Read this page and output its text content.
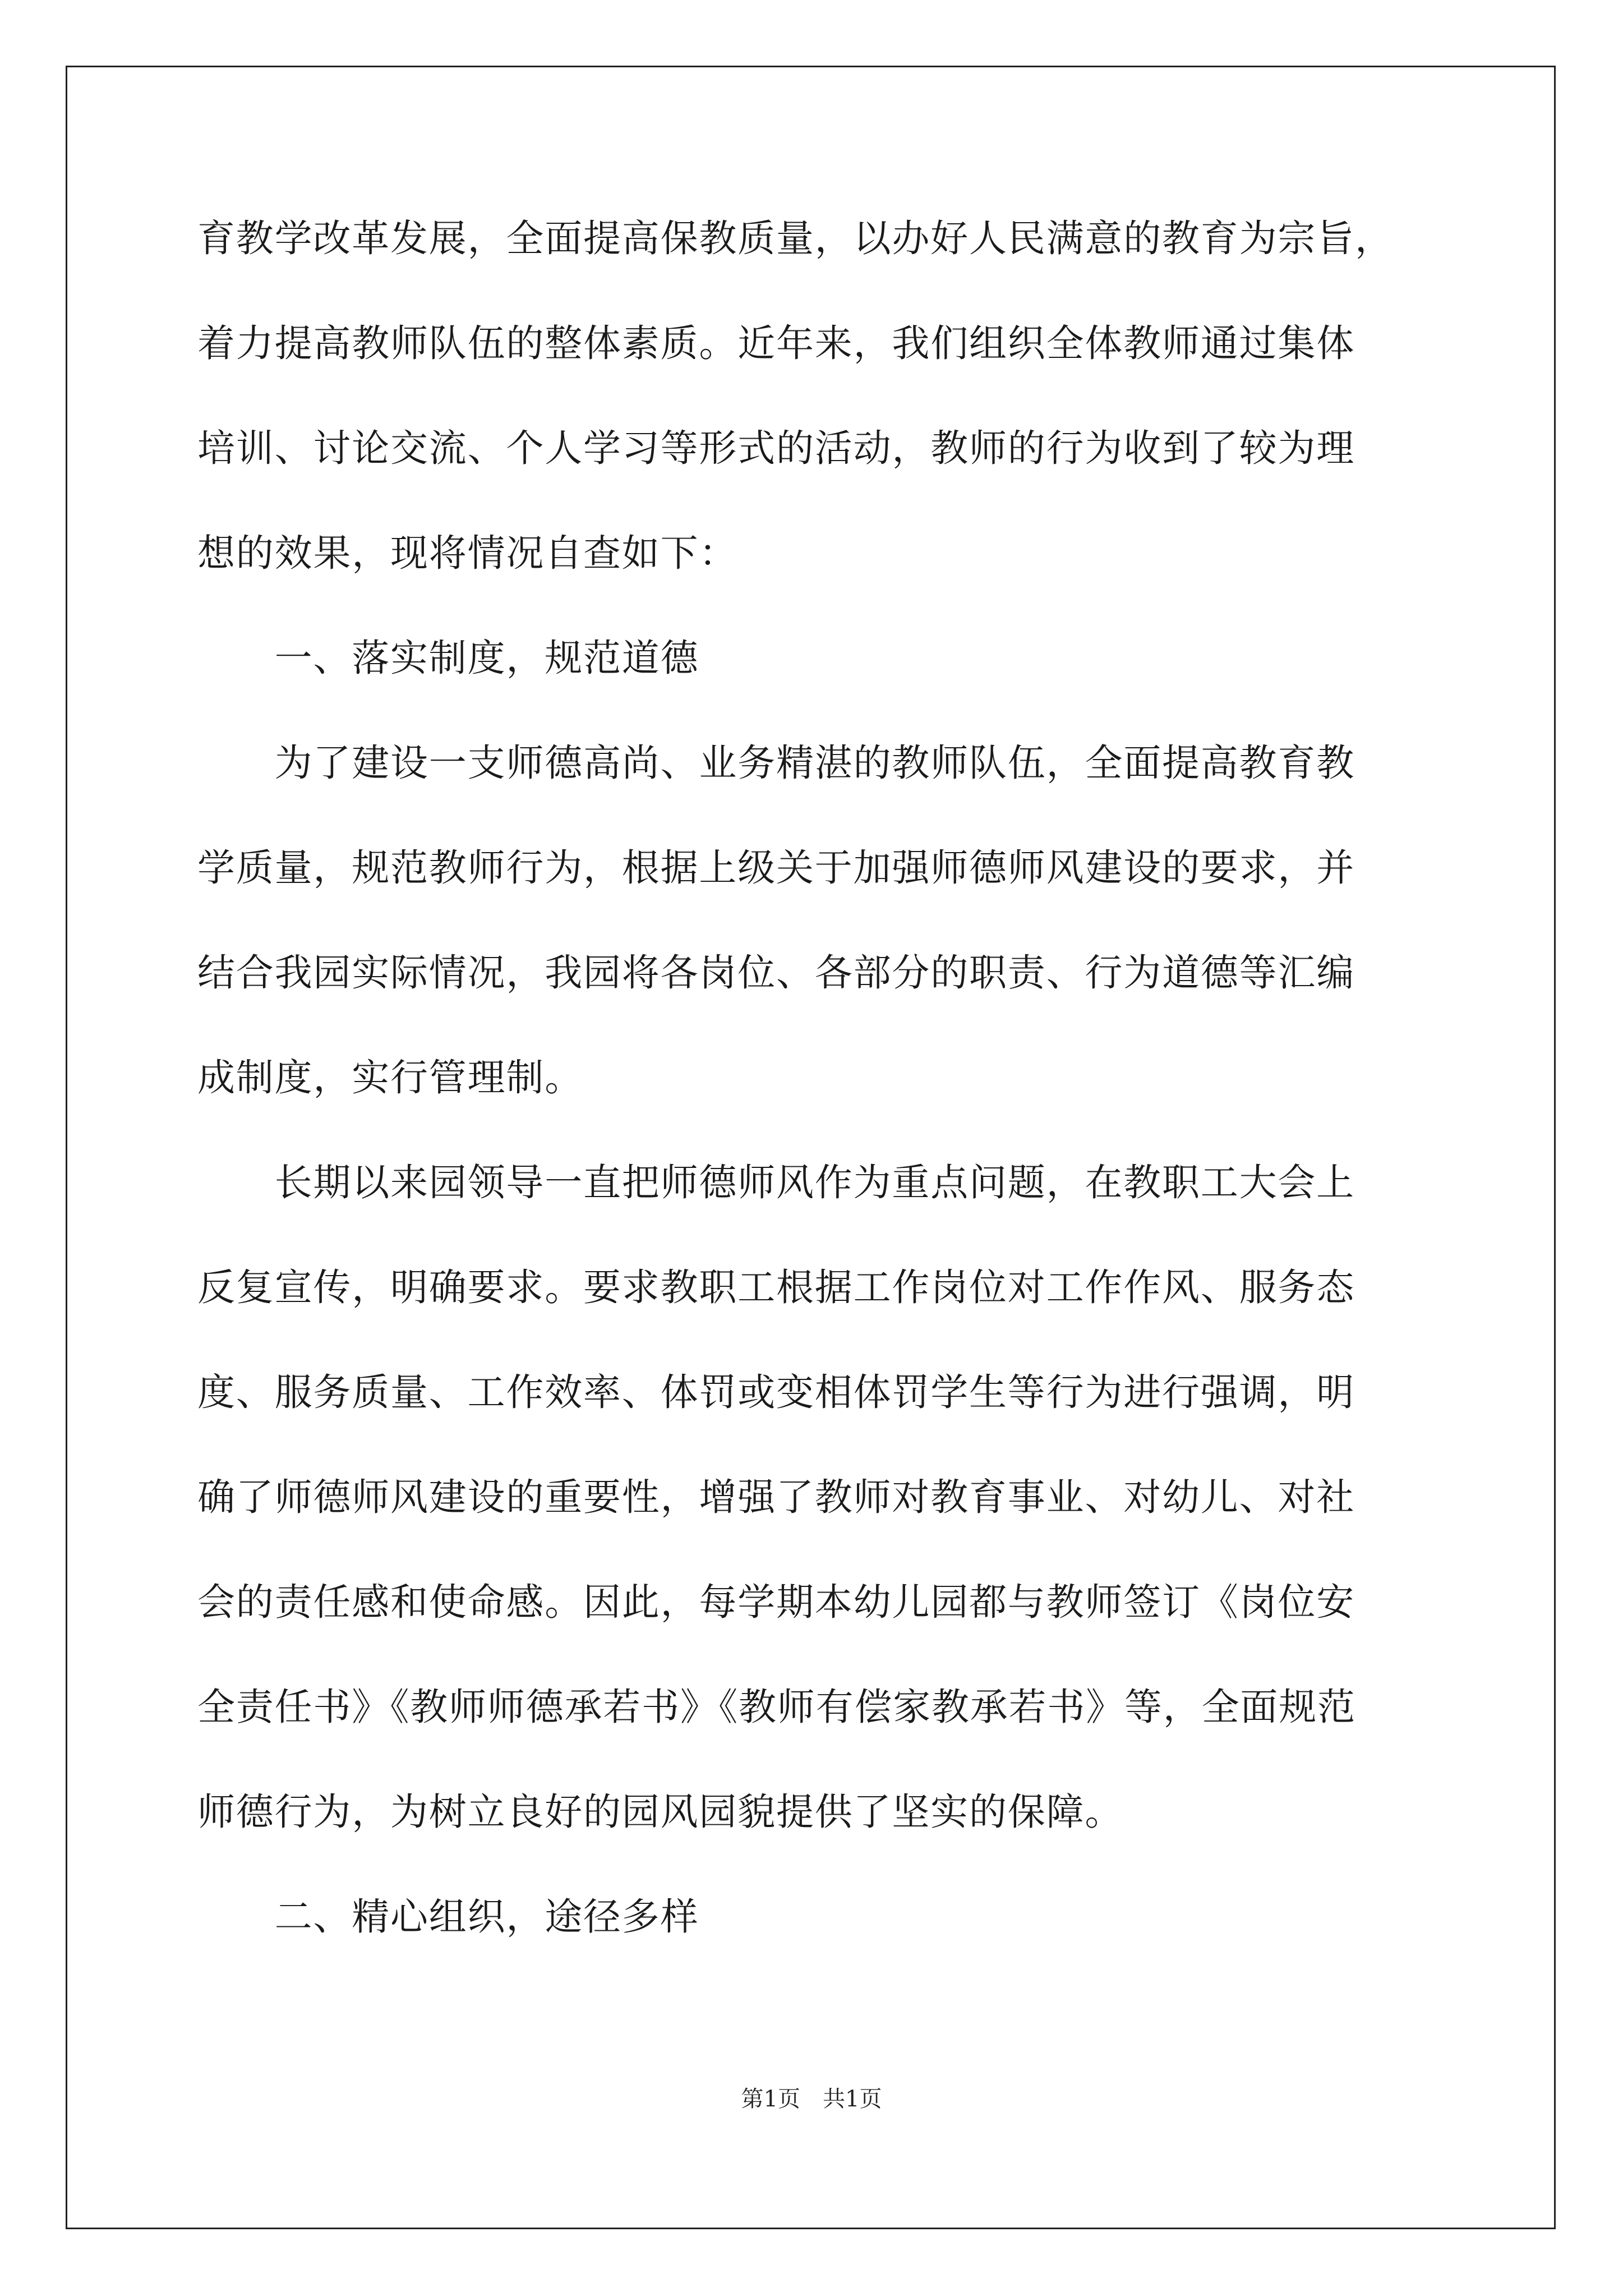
育教学改革发展，全面提高保教质量，以办好人民满意的教育为宗旨，
着力提高教师队伍的整体素质。近年来，我们组织全体教师通过集体
培训、讨论交流、个人学习等形式的活动，教师的行为收到了较为理
想的效果，现将情况自查如下：
　　一、落实制度，规范道德
　　为了建设一支师德高尚、业务精湛的教师队伍，全面提高教育教
学质量，规范教师行为，根据上级关于加强师德师风建设的要求，并
结合我园实际情况，我园将各岗位、各部分的职责、行为道德等汇编
成制度，实行管理制。
　　长期以来园领导一直把师德师风作为重点问题，在教职工大会上
反复宣传，明确要求。要求教职工根据工作岗位对工作作风、服务态
度、服务质量、工作效率、体罚或变相体罚学生等行为进行强调，明
确了师德师风建设的重要性，增强了教师对教育事业、对幼儿、对社
会的责任感和使命感。因此，每学期本幼儿园都与教师签订《岗位安
全责任书》《教师师德承若书》《教师有偿家教承若书》等，全面规范
师德行为，为树立良好的园风园貌提供了坚实的保障。
　　二、精心组织，途径多样
第1页　共1页
